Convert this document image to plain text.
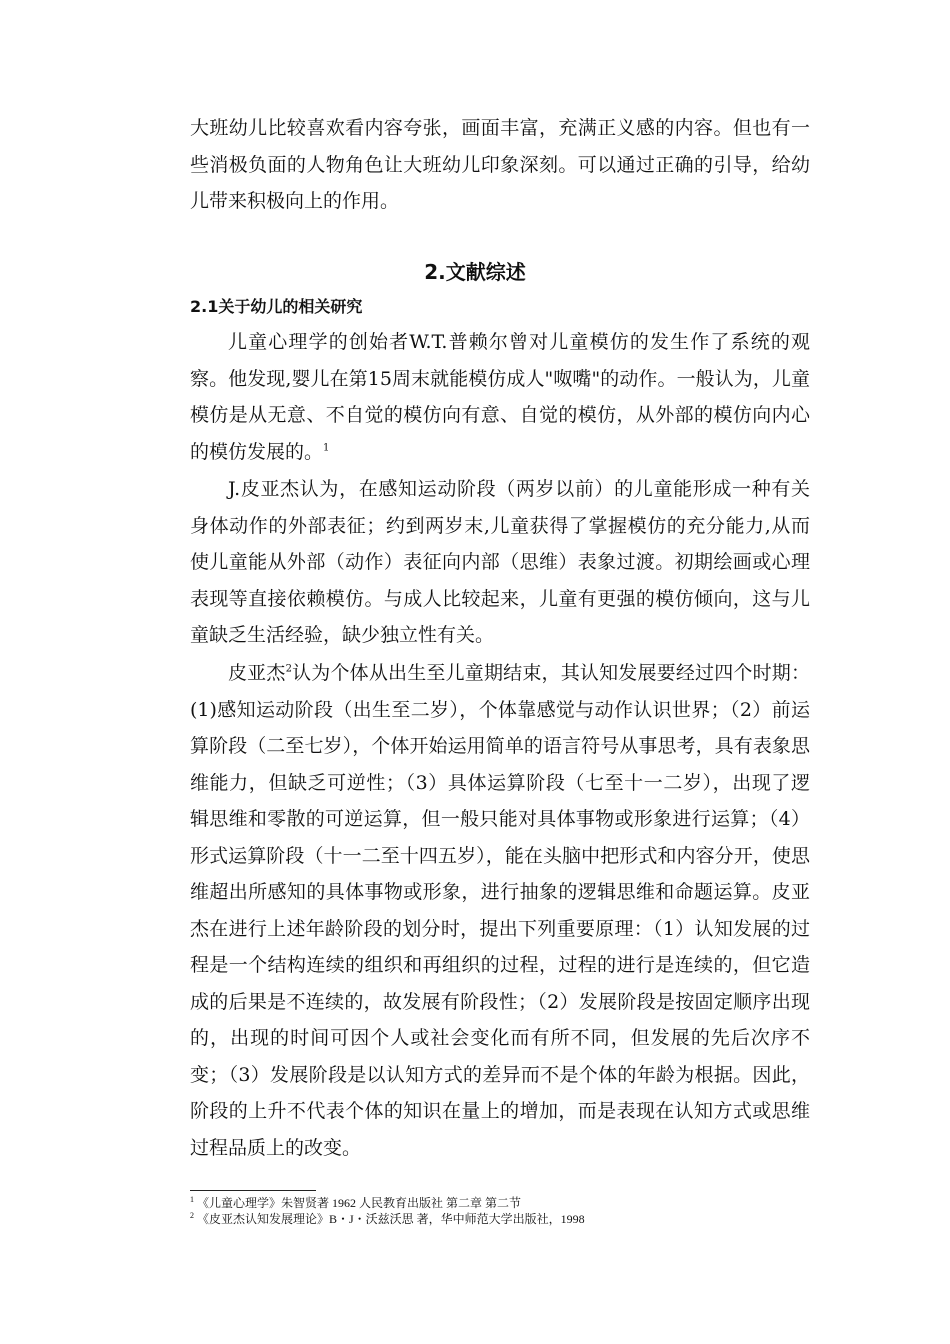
大班幼儿比较喜欢看内容夸张，画面丰富，充满正义感的内容。但也有一些消极负面的人物角色让大班幼儿印象深刻。可以通过正确的引导，给幼儿带来积极向上的作用。

2.文献综述
2.1关于幼儿的相关研究

儿童心理学的创始者W.T.普赖尔曾对儿童模仿的发生作了系统的观察。他发现,婴儿在第15周末就能模仿成人"呶嘴"的动作。一般认为，儿童模仿是从无意、不自觉的模仿向有意、自觉的模仿，从外部的模仿向内心的模仿发展的。$^1$

J.皮亚杰认为，在感知运动阶段（两岁以前）的儿童能形成一种有关身体动作的外部表征；约到两岁末,儿童获得了掌握模仿的充分能力,从而使儿童能从外部（动作）表征向内部（思维）表象过渡。初期绘画或心理表现等直接依赖模仿。与成人比较起来，儿童有更强的模仿倾向，这与儿童缺乏生活经验，缺少独立性有关。

皮亚杰$^2$认为个体从出生至儿童期结束，其认知发展要经过四个时期：(1)感知运动阶段（出生至二岁），个体靠感觉与动作认识世界；（2）前运算阶段（二至七岁），个体开始运用简单的语言符号从事思考，具有表象思维能力，但缺乏可逆性；（3）具体运算阶段（七至十一二岁），出现了逻辑思维和零散的可逆运算，但一般只能对具体事物或形象进行运算；（4）形式运算阶段（十一二至十四五岁），能在头脑中把形式和内容分开，使思维超出所感知的具体事物或形象，进行抽象的逻辑思维和命题运算。皮亚杰在进行上述年龄阶段的划分时，提出下列重要原理：（1）认知发展的过程是一个结构连续的组织和再组织的过程，过程的进行是连续的，但它造成的后果是不连续的，故发展有阶段性；（2）发展阶段是按固定顺序出现的，出现的时间可因个人或社会变化而有所不同，但发展的先后次序不变；（3）发展阶段是以认知方式的差异而不是个体的年龄为根据。因此，阶段的上升不代表个体的知识在量上的增加，而是表现在认知方式或思维过程品质上的改变。

$^1$ 《儿童心理学》朱智贤著 1962 人民教育出版社 第二章 第二节

$^2$ 《皮亚杰认知发展理论》B・J・沃兹沃思 著，华中师范大学出版社，1998
